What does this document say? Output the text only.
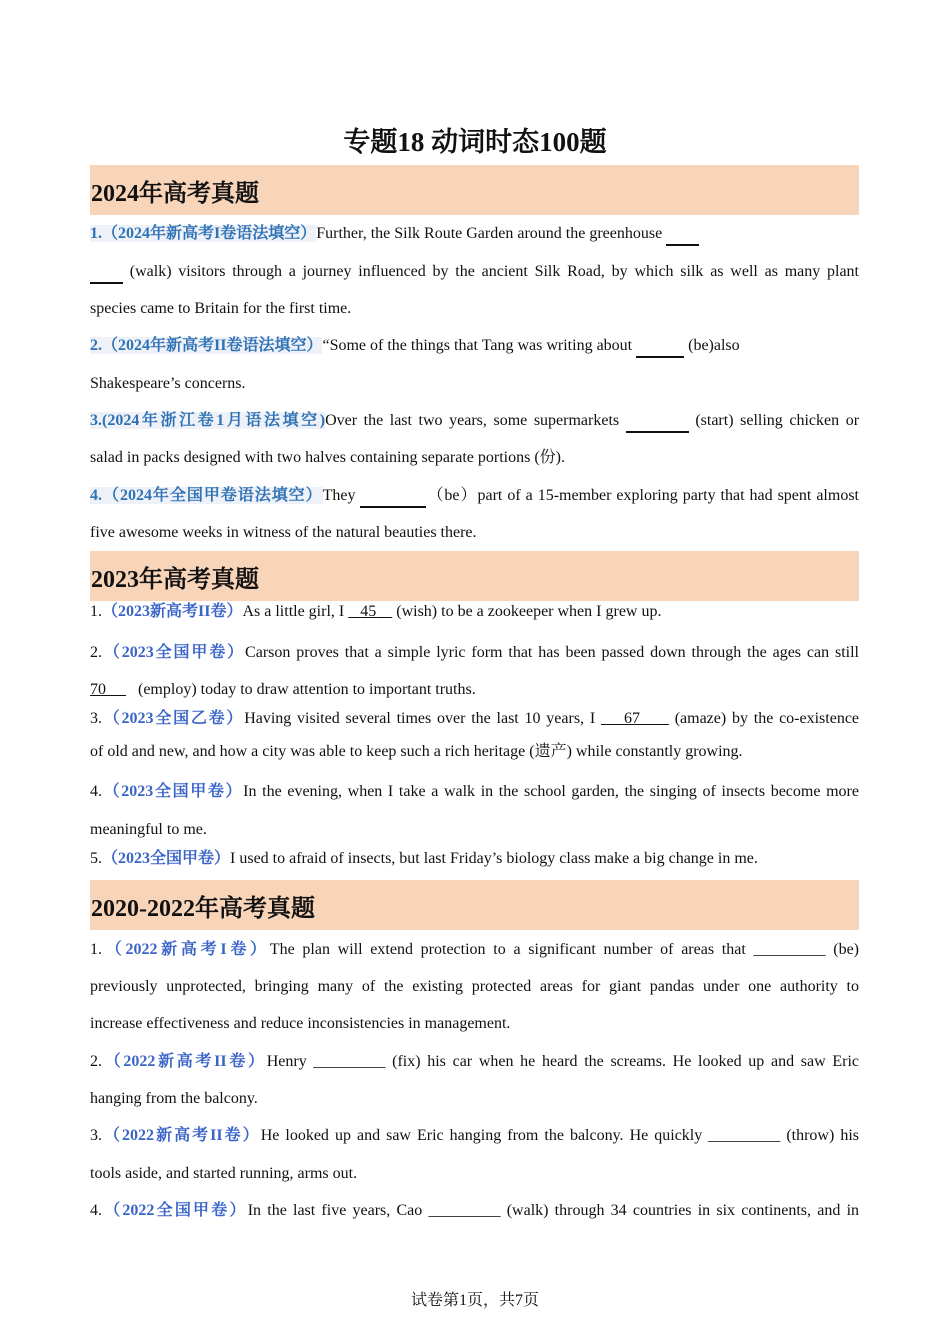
专题18 动词时态100题
2024年高考真题
1.（2024年新高考I卷语法填空）Further, the Silk Route Garden around the greenhouse
(walk) visitors through a journey influenced by the ancient Silk Road, by which silk as well as many plant
species came to Britain for the first time.
2.（2024年新高考II卷语法填空）“Some of the things that Tang was writing about	(be)also
Shakespeare’s concerns.
3.(2024年浙江卷1月语法填空)Over the last two years, some supermarkets	(start) selling chicken or
salad in packs designed with two halves containing separate portions (份).
4.（2024年全国甲卷语法填空）They	（be）part of a 15-member exploring party that had spent almost
five awesome weeks in witness of the natural beauties there.
2023年高考真题
1.（2023新高考II卷）As a little girl, I 45 (wish) to be a zookeeper when I grew up.
2.（2023全国甲卷）Carson proves that a simple lyric form that has been passed down through the ages can still
70 (employ) today to draw attention to important truths.
3.（2023全国乙卷）Having visited several times over the last 10 years, I 67 (amaze) by the co-existence
of old and new, and how a city was able to keep such a rich heritage (遗产) while constantly growing.
4.（2023全国甲卷）In the evening, when I take a walk in the school garden, the singing of insects become more
meaningful to me.
5.（2023全国甲卷）I used to afraid of insects, but last Friday’s biology class make a big change in me.
2020-2022年高考真题
1.（2022新高考I卷）The plan will extend protection to a significant number of areas that _________ (be)
previously unprotected, bringing many of the existing protected areas for giant pandas under one authority to
increase effectiveness and reduce inconsistencies in management.
2.（2022新高考II卷）Henry _________ (fix) his car when he heard the screams. He looked up and saw Eric
hanging from the balcony.
3.（2022新高考II卷）He looked up and saw Eric hanging from the balcony. He quickly _________ (throw) his
tools aside, and started running, arms out.
4.（2022全国甲卷）In the last five years, Cao _________ (walk) through 34 countries in six continents, and in
试卷第1页，共7页
